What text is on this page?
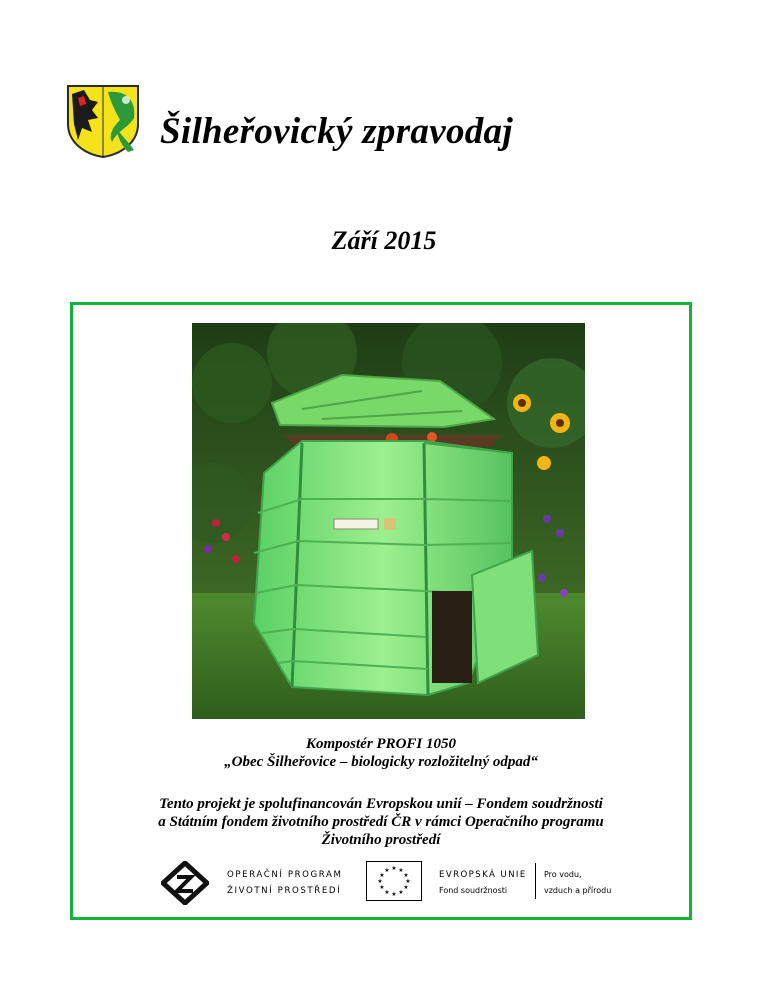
Šilheřovický zpravodaj
Září 2015
Kompostér PROFI 1050
„Obec Šilheřovice – biologicky rozložitelný odpad“
Tento projekt je spolufinancován Evropskou unií – Fondem soudržnosti
a Státním fondem životního prostředí ČR v rámci Operačního programu
Životního prostředí
OPERAČNÍ PROGRAM
ŽIVOTNÍ PROSTŘEDÍ
★ ★
★
★
★
★
★
★
★
★
★
★	EVROPSKÁ UNIE
Fond soudržnosti
Pro vodu,
vzduch a přírodu
